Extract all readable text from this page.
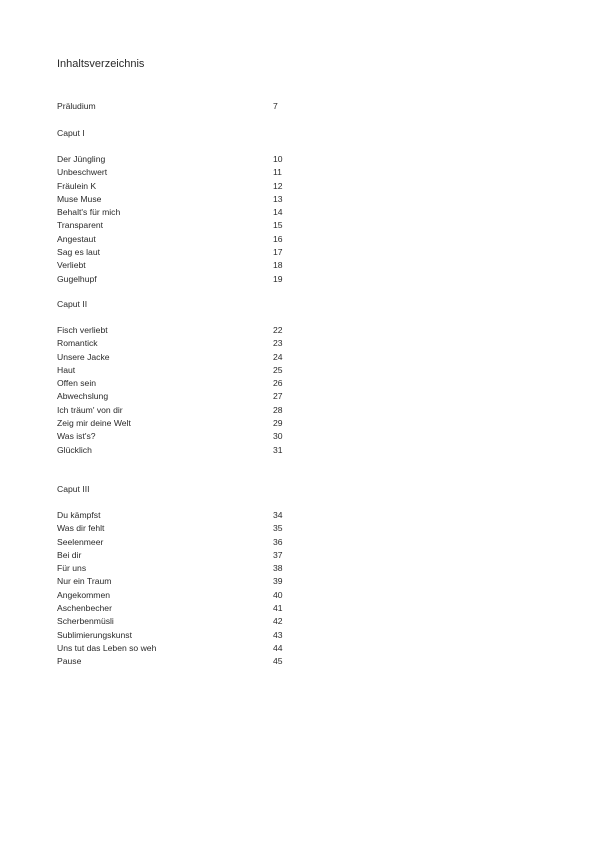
Inhaltsverzeichnis
Präludium	7
Caput I
Der Jüngling	10
Unbeschwert	11
Fräulein K	12
Muse Muse	13
Behalt's für mich	14
Transparent	15
Angestaut	16
Sag es laut	17
Verliebt	18
Gugelhupf	19
Caput II
Fisch verliebt	22
Romantick	23
Unsere Jacke	24
Haut	25
Offen sein	26
Abwechslung	27
Ich träum' von dir	28
Zeig mir deine Welt	29
Was ist's?	30
Glücklich	31
Caput III
Du kämpfst	34
Was dir fehlt	35
Seelenmeer	36
Bei dir	37
Für uns	38
Nur ein Traum	39
Angekommen	40
Aschenbecher	41
Scherbenmüsli	42
Sublimierungskunst	43
Uns tut das Leben so weh	44
Pause	45
